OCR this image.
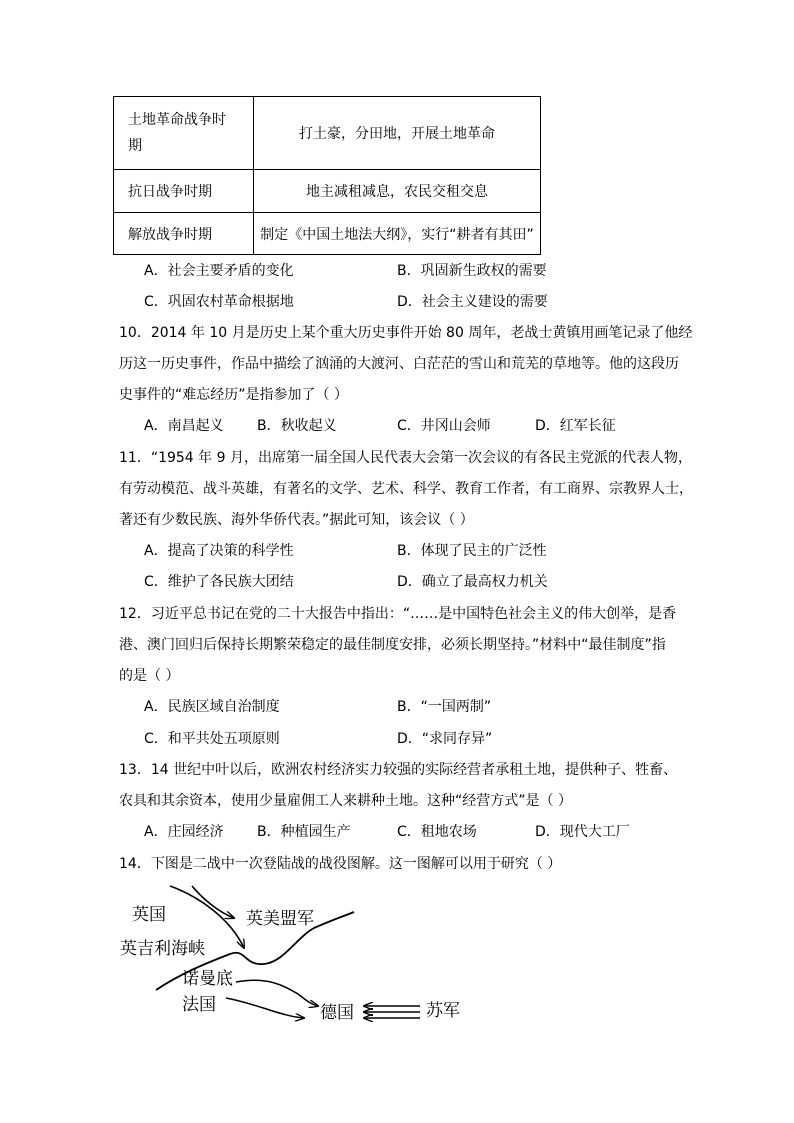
土地革命战争时
期	打土豪，分田地，开展土地革命
抗日战争时期	地主减租减息，农民交租交息
解放战争时期	制定《中国土地法大纲》，实行“耕者有其田”
A．社会主要矛盾的变化	B．巩固新生政权的需要
C．巩固农村革命根据地	D．社会主义建设的需要
10．2014 年 10 月是历史上某个重大历史事件开始 80 周年，老战士黄镇用画笔记录了他经
历这一历史事件，作品中描绘了汹涌的大渡河、白茫茫的雪山和荒芜的草地等。他的这段历
史事件的“难忘经历”是指参加了（ ）
A．南昌起义 B．秋收起义	C．井冈山会师	D．红军长征
11．“1954 年 9 月，出席第一届全国人民代表大会第一次会议的有各民主党派的代表人物，
有劳动模范、战斗英雄，有著名的文学、艺术、科学、教育工作者，有工商界、宗教界人士，
著还有少数民族、海外华侨代表。”据此可知，该会议（ ）
A．提高了决策的科学性	B．体现了民主的广泛性
C．维护了各民族大团结	D．确立了最高权力机关
12．习近平总书记在党的二十大报告中指出：“……是中国特色社会主义的伟大创举，是香
港、澳门回归后保持长期繁荣稳定的最佳制度安排，必须长期坚持。”材料中“最佳制度”指
的是（ ）
A．民族区域自治制度	B．“一国两制”
C．和平共处五项原则	D．“求同存异”
13．14 世纪中叶以后，欧洲农村经济实力较强的实际经营者承租土地，提供种子、牲畜、
农具和其余资本，使用少量雇佣工人来耕种土地。这种“经营方式”是（ ）
A．庄园经济 B．种植园生产	C．租地农场	D．现代大工厂
14．下图是二战中一次登陆战的战役图解。这一图解可以用于研究（ ）
英国	英美盟军
英吉利海峡
诺曼底
法国	德国	苏军
